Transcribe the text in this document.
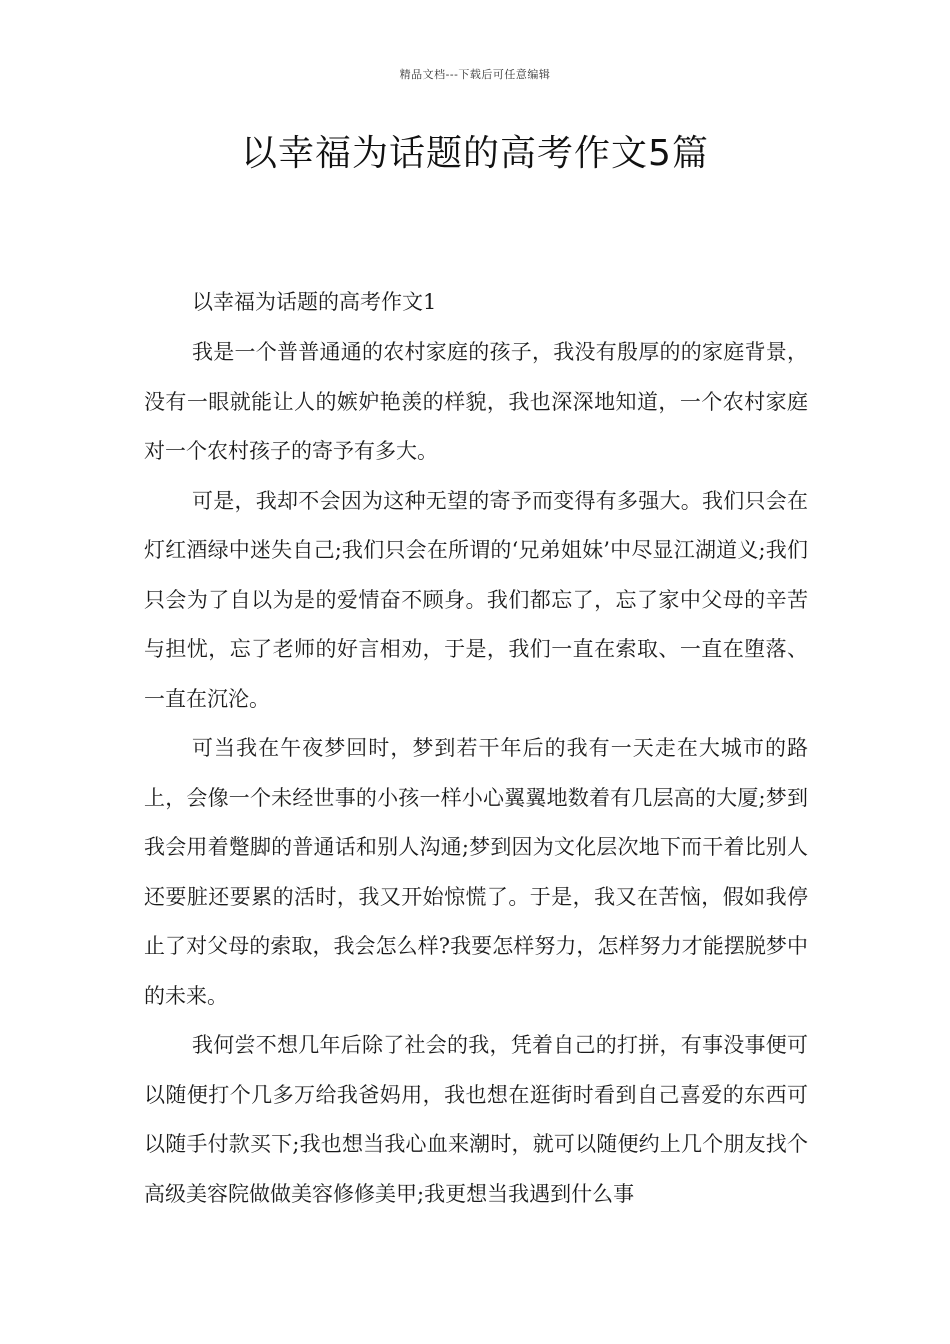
精品文档---下载后可任意编辑
以幸福为话题的高考作文5篇

以幸福为话题的高考作文1

我是一个普普通通的农村家庭的孩子，我没有殷厚的的家庭背景，没有一眼就能让人的嫉妒艳羡的样貌，我也深深地知道，一个农村家庭对一个农村孩子的寄予有多大。

可是，我却不会因为这种无望的寄予而变得有多强大。我们只会在灯红酒绿中迷失自己;我们只会在所谓的‘兄弟姐妹’中尽显江湖道义;我们只会为了自以为是的爱情奋不顾身。我们都忘了，忘了家中父母的辛苦与担忧，忘了老师的好言相劝，于是，我们一直在索取、一直在堕落、一直在沉沦。

可当我在午夜梦回时，梦到若干年后的我有一天走在大城市的路上，会像一个未经世事的小孩一样小心翼翼地数着有几层高的大厦;梦到我会用着蹩脚的普通话和别人沟通;梦到因为文化层次地下而干着比别人还要脏还要累的活时，我又开始惊慌了。于是，我又在苦恼，假如我停止了对父母的索取，我会怎么样?我要怎样努力，怎样努力才能摆脱梦中的未来。

我何尝不想几年后除了社会的我，凭着自己的打拼，有事没事便可以随便打个几多万给我爸妈用，我也想在逛街时看到自己喜爱的东西可以随手付款买下;我也想当我心血来潮时，就可以随便约上几个朋友找个高级美容院做做美容修修美甲;我更想当我遇到什么事
